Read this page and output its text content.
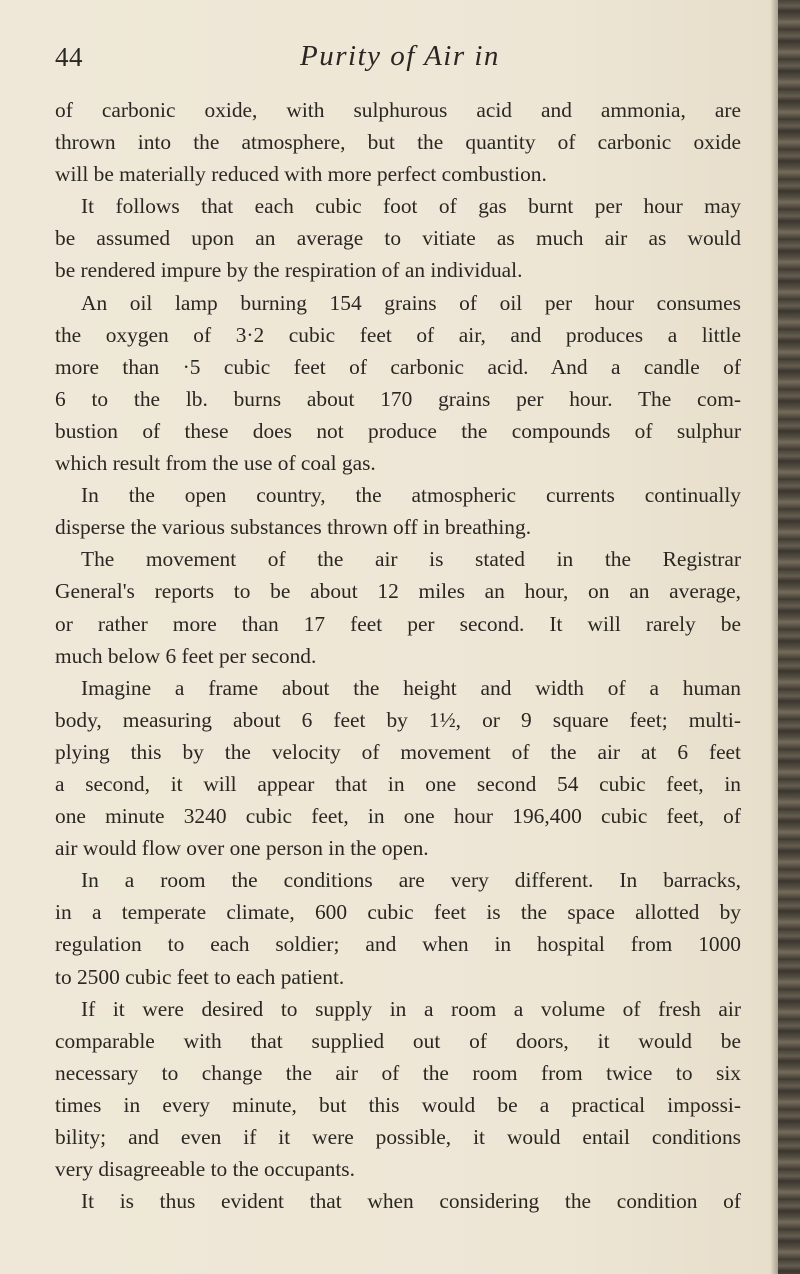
44	Purity of Air in
of carbonic oxide, with sulphurous acid and ammonia, are
thrown into the atmosphere, but the quantity of carbonic oxide
will be materially reduced with more perfect combustion.
It follows that each cubic foot of gas burnt per hour may
be assumed upon an average to vitiate as much air as would
be rendered impure by the respiration of an individual.
An oil lamp burning 154 grains of oil per hour consumes
the oxygen of 3·2 cubic feet of air, and produces a little
more than ·5 cubic feet of carbonic acid. And a candle of
6 to the lb. burns about 170 grains per hour. The com-
bustion of these does not produce the compounds of sulphur
which result from the use of coal gas.
In the open country, the atmospheric currents continually
disperse the various substances thrown off in breathing.
The movement of the air is stated in the Registrar
General's reports to be about 12 miles an hour, on an average,
or rather more than 17 feet per second. It will rarely be
much below 6 feet per second.
Imagine a frame about the height and width of a human
body, measuring about 6 feet by 1½, or 9 square feet; multi-
plying this by the velocity of movement of the air at 6 feet
a second, it will appear that in one second 54 cubic feet, in
one minute 3240 cubic feet, in one hour 196,400 cubic feet, of
air would flow over one person in the open.
In a room the conditions are very different. In barracks,
in a temperate climate, 600 cubic feet is the space allotted by
regulation to each soldier; and when in hospital from 1000
to 2500 cubic feet to each patient.
If it were desired to supply in a room a volume of fresh air
comparable with that supplied out of doors, it would be
necessary to change the air of the room from twice to six
times in every minute, but this would be a practical impossi-
bility; and even if it were possible, it would entail conditions
very disagreeable to the occupants.
It is thus evident that when considering the condition of
